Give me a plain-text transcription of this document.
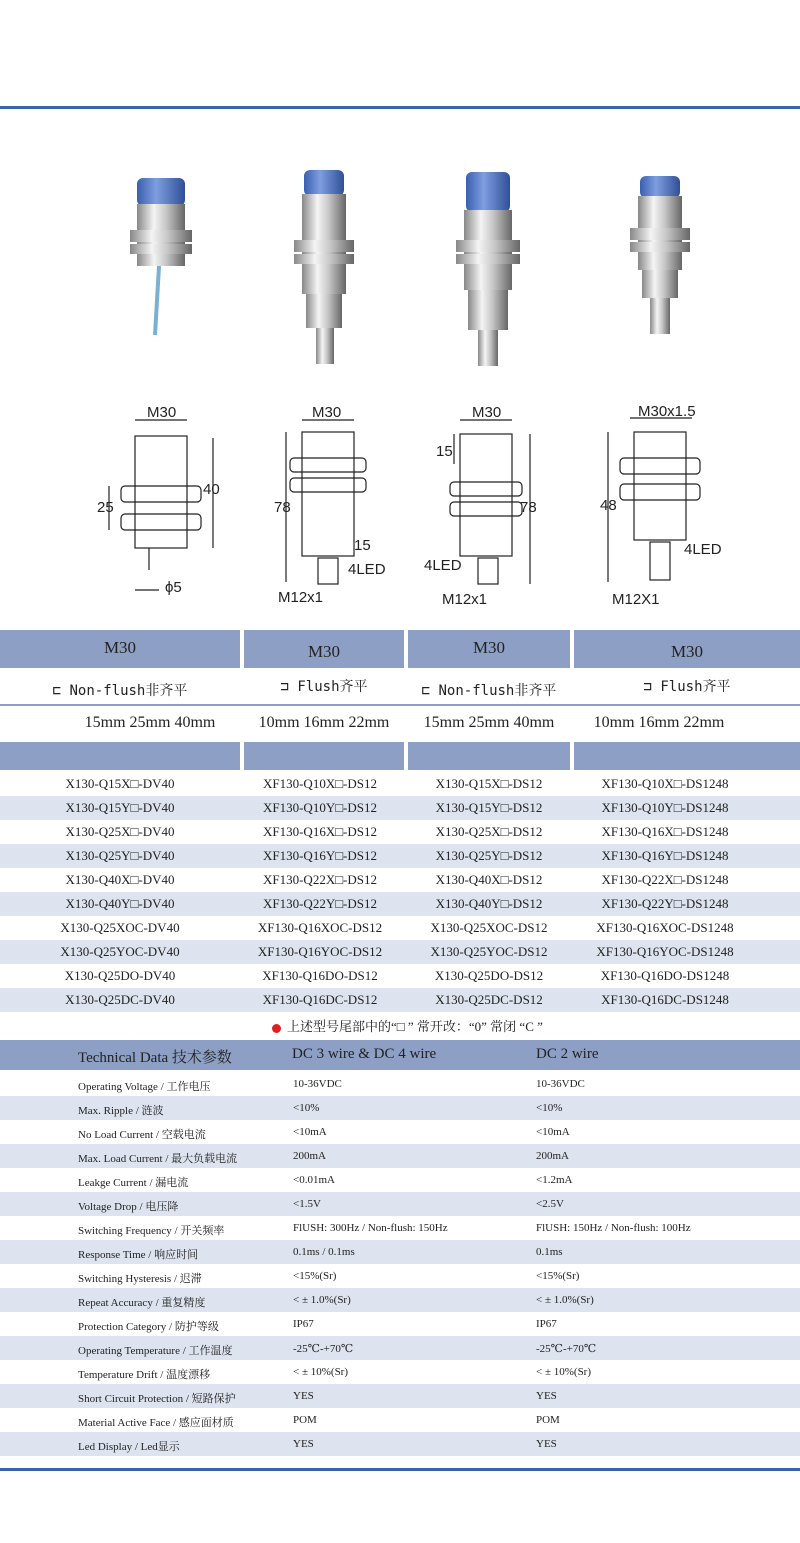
M30
40
25
ϕ5
M30
78
15
4LED
M12x1
M30
15
78
4LED
M12x1
M30x1.5
48
4LED
M12X1
M30	M30	M30	M30
⊏ Non-flush非齐平	⊐ Flush齐平	⊏ Non-flush非齐平	⊐ Flush齐平
15mm 25mm 40mm	10mm 16mm 22mm	15mm 25mm 40mm	10mm 16mm 22mm
X130-Q15X□-DV40	XF130-Q10X□-DS12	X130-Q15X□-DS12	XF130-Q10X□-DS1248
X130-Q15Y□-DV40	XF130-Q10Y□-DS12	X130-Q15Y□-DS12	XF130-Q10Y□-DS1248
X130-Q25X□-DV40	XF130-Q16X□-DS12	X130-Q25X□-DS12	XF130-Q16X□-DS1248
X130-Q25Y□-DV40	XF130-Q16Y□-DS12	X130-Q25Y□-DS12	XF130-Q16Y□-DS1248
X130-Q40X□-DV40	XF130-Q22X□-DS12	X130-Q40X□-DS12	XF130-Q22X□-DS1248
X130-Q40Y□-DV40	XF130-Q22Y□-DS12	X130-Q40Y□-DS12	XF130-Q22Y□-DS1248
X130-Q25XOC-DV40	XF130-Q16XOC-DS12	X130-Q25XOC-DS12	XF130-Q16XOC-DS1248
X130-Q25YOC-DV40	XF130-Q16YOC-DS12	X130-Q25YOC-DS12	XF130-Q16YOC-DS1248
X130-Q25DO-DV40	XF130-Q16DO-DS12	X130-Q25DO-DS12	XF130-Q16DO-DS1248
X130-Q25DC-DV40	XF130-Q16DC-DS12	X130-Q25DC-DS12	XF130-Q16DC-DS1248
上述型号尾部中的“□ ” 常开改：“0” 常闭 “C ”
Technical Data 技术参数	DC 3 wire & DC 4 wire	DC 2 wire
Operating Voltage / 工作电压	10-36VDC	10-36VDC
Max. Ripple / 涟波	<10%	<10%
No Load Current / 空载电流	<10mA	<10mA
Max. Load Current / 最大负载电流	200mA	200mA
Leakge Current / 漏电流	<0.01mA	<1.2mA
Voltage Drop / 电压降	<1.5V	<2.5V
Switching Frequency / 开关频率	FlUSH: 300Hz / Non-flush: 150Hz	FlUSH: 150Hz / Non-flush: 100Hz
Response Time / 响应时间	0.1ms / 0.1ms	0.1ms
Switching Hysteresis / 迟滞	<15%(Sr)	<15%(Sr)
Repeat Accuracy / 重复精度	< ± 1.0%(Sr)	< ± 1.0%(Sr)
Protection Category / 防护等级	IP67	IP67
Operating Temperature / 工作温度	-25℃-+70℃	-25℃-+70℃
Temperature Drift / 温度漂移	< ± 10%(Sr)	< ± 10%(Sr)
Short Circuit Protection / 短路保护	YES	YES
Material Active Face / 感应面材质	POM	POM
Led Display / Led显示	YES	YES
